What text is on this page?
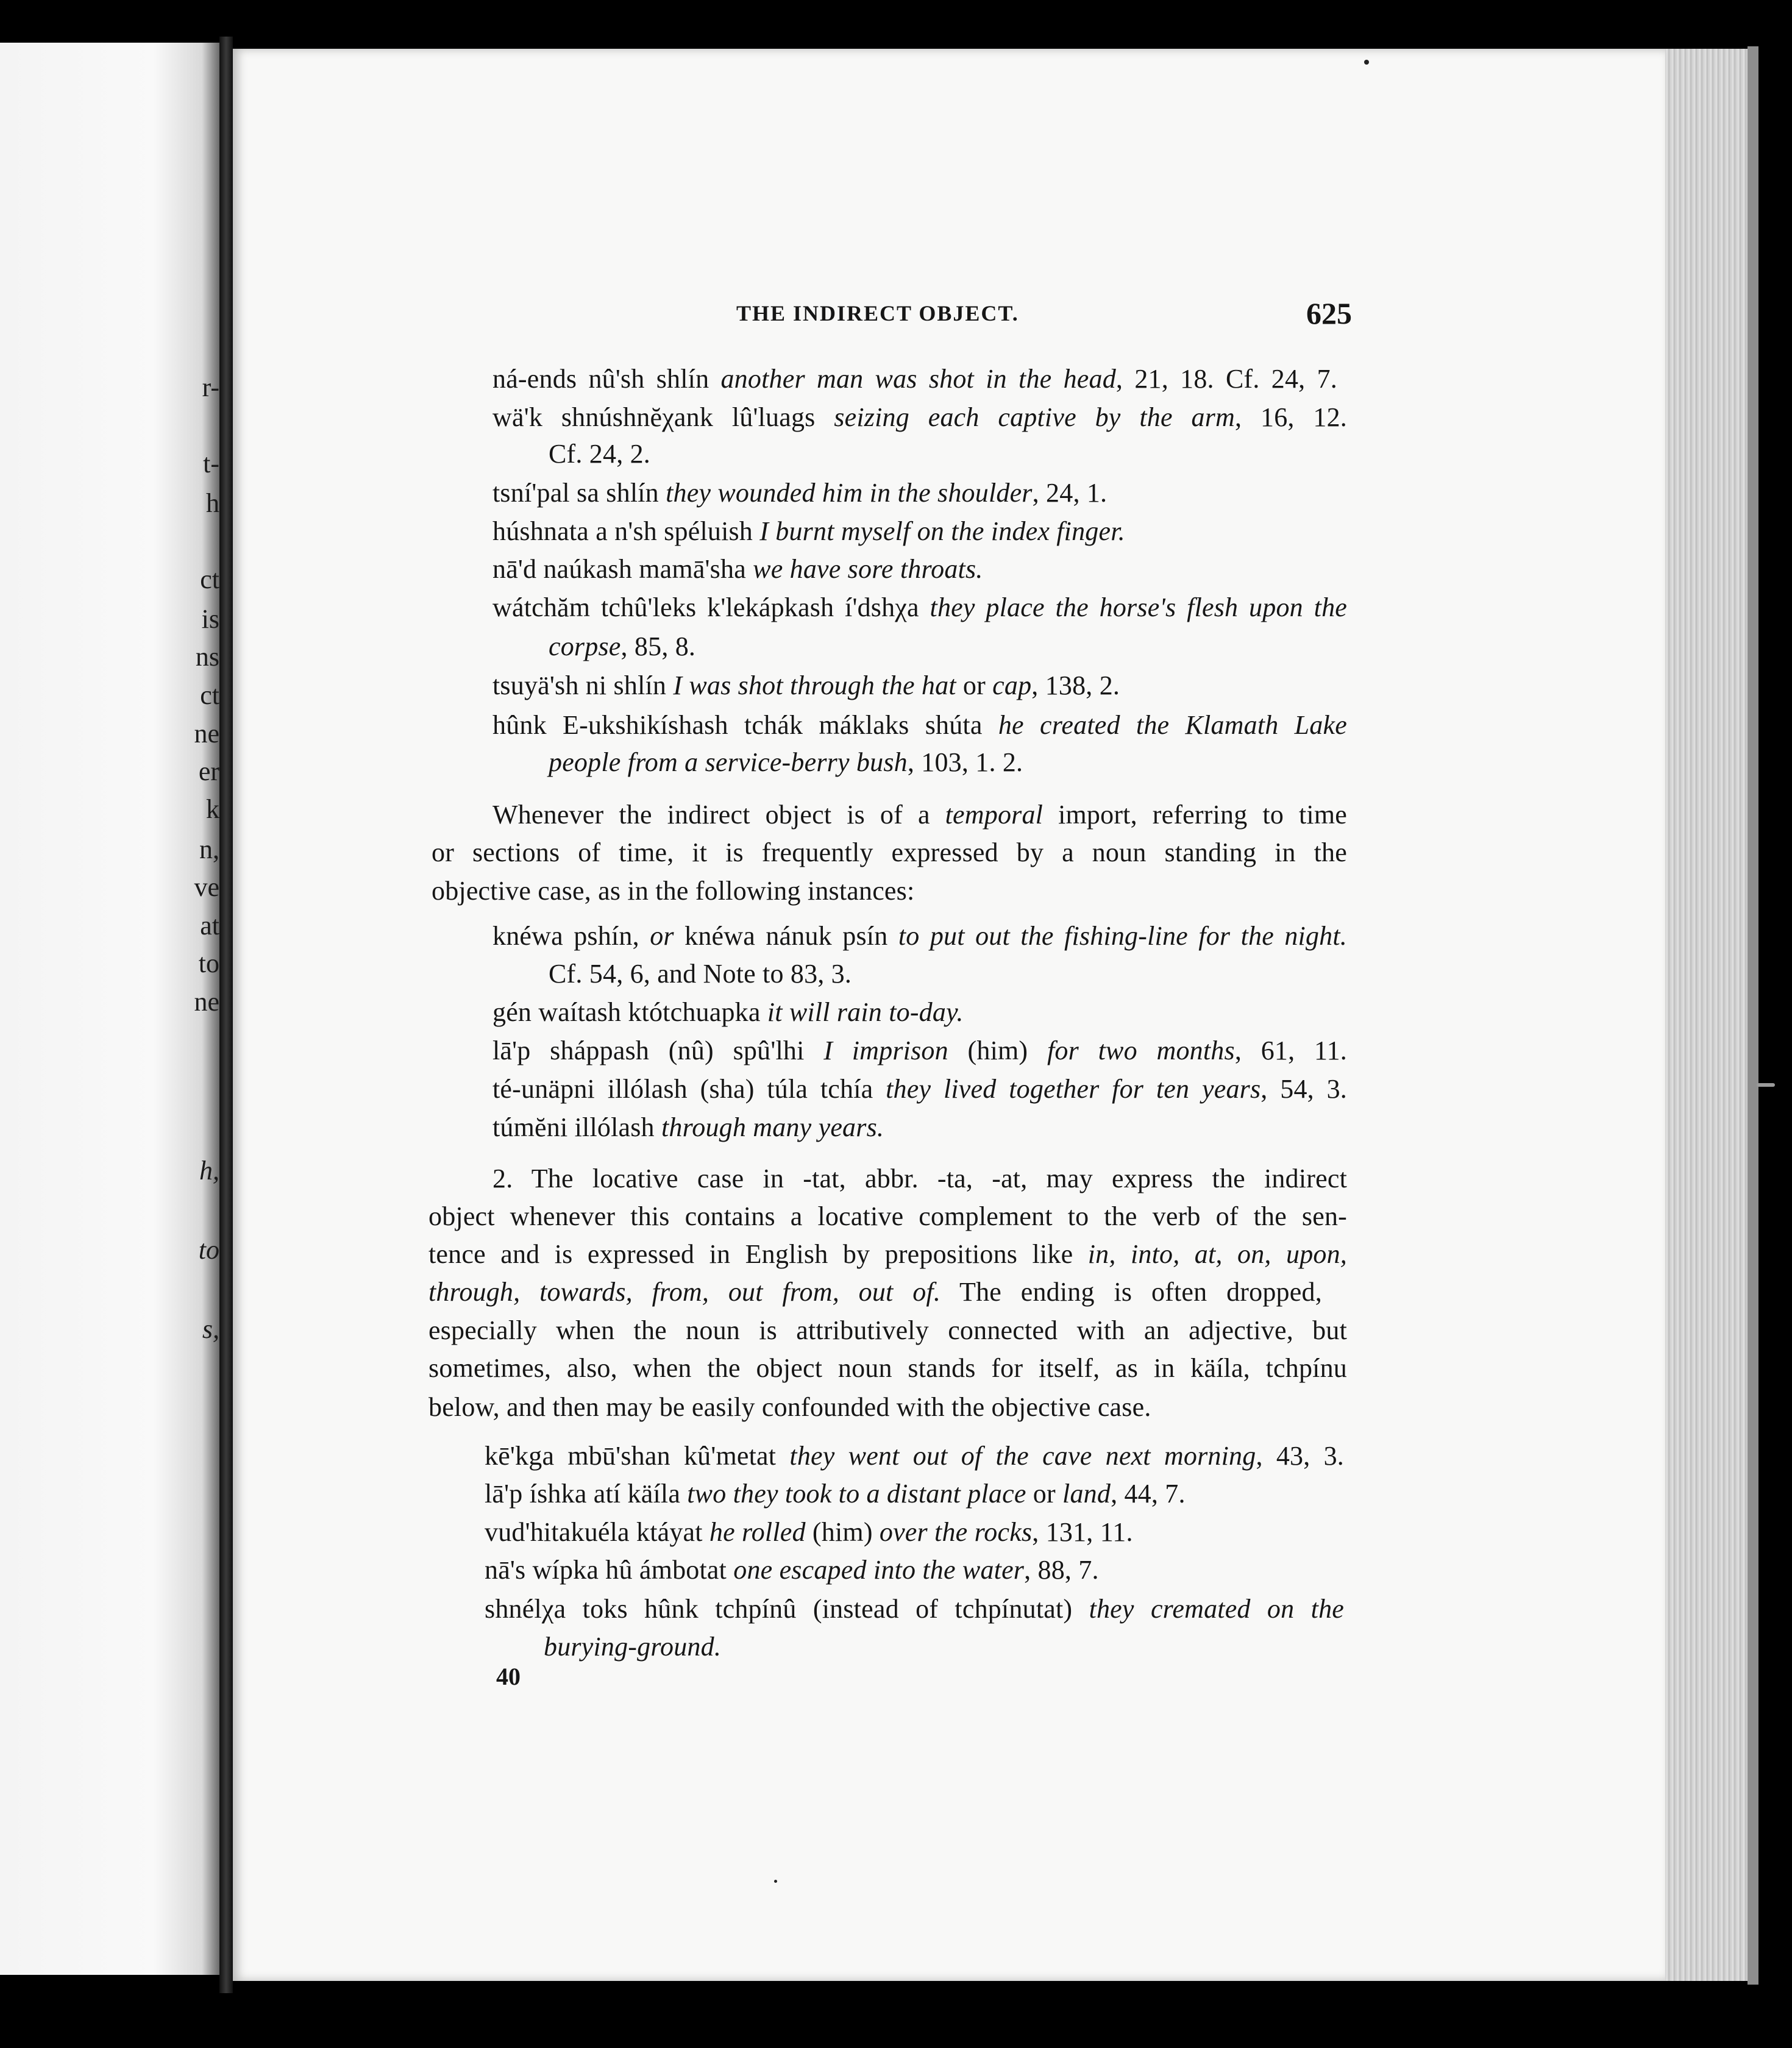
r-
t-
h
ct
is
ns
ct
ne
er
k
n,
ve
at
to
ne
h,
to
s,
THE INDIRECT OBJECT.	625
ná-ends nû'sh shlín another man was shot in the head, 21, 18. Cf. 24, 7.
wä'k shnúshnĕχank lû'luags seizing each captive by the arm, 16, 12.
Cf. 24, 2.
tsní'pal sa shlín they wounded him in the shoulder, 24, 1.
húshnata a n'sh spéluish I burnt myself on the index finger.
nā'd naúkash mamā'sha we have sore throats.
wátchăm tchû'leks k'lekápkash í'dshχa they place the horse's flesh upon the
corpse, 85, 8.
tsuyä'sh ni shlín I was shot through the hat or cap, 138, 2.
hûnk E-ukshikíshash tchák máklaks shúta he created the Klamath Lake
people from a service-berry bush, 103, 1. 2.
Whenever the indirect object is of a temporal import, referring to time
or sections of time, it is frequently expressed by a noun standing in the
objective case, as in the following instances:
knéwa pshín, or knéwa nánuk psín to put out the fishing-line for the night.
Cf. 54, 6, and Note to 83, 3.
gén waítash któtchuapka it will rain to-day.
lā'p sháppash (nû) spû'lhi I imprison (him) for two months, 61, 11.
té-unäpni illólash (sha) túla tchía they lived together for ten years, 54, 3.
túmĕni illólash through many years.
2. The locative case in -tat, abbr. -ta, -at, may express the indirect
object whenever this contains a locative complement to the verb of the sen-
tence and is expressed in English by prepositions like in, into, at, on, upon,
through, towards, from, out from, out of. The ending is often dropped,
especially when the noun is attributively connected with an adjective, but
sometimes, also, when the object noun stands for itself, as in käíla, tchpínu
below, and then may be easily confounded with the objective case.
kē'kga mbū'shan kû'metat they went out of the cave next morning, 43, 3.
lā'p íshka atí käíla two they took to a distant place or land, 44, 7.
vud'hitakuéla ktáyat he rolled (him) over the rocks, 131, 11.
nā's wípka hû ámbotat one escaped into the water, 88, 7.
shnélχa toks hûnk tchpínû (instead of tchpínutat) they cremated on the
burying-ground.
40
